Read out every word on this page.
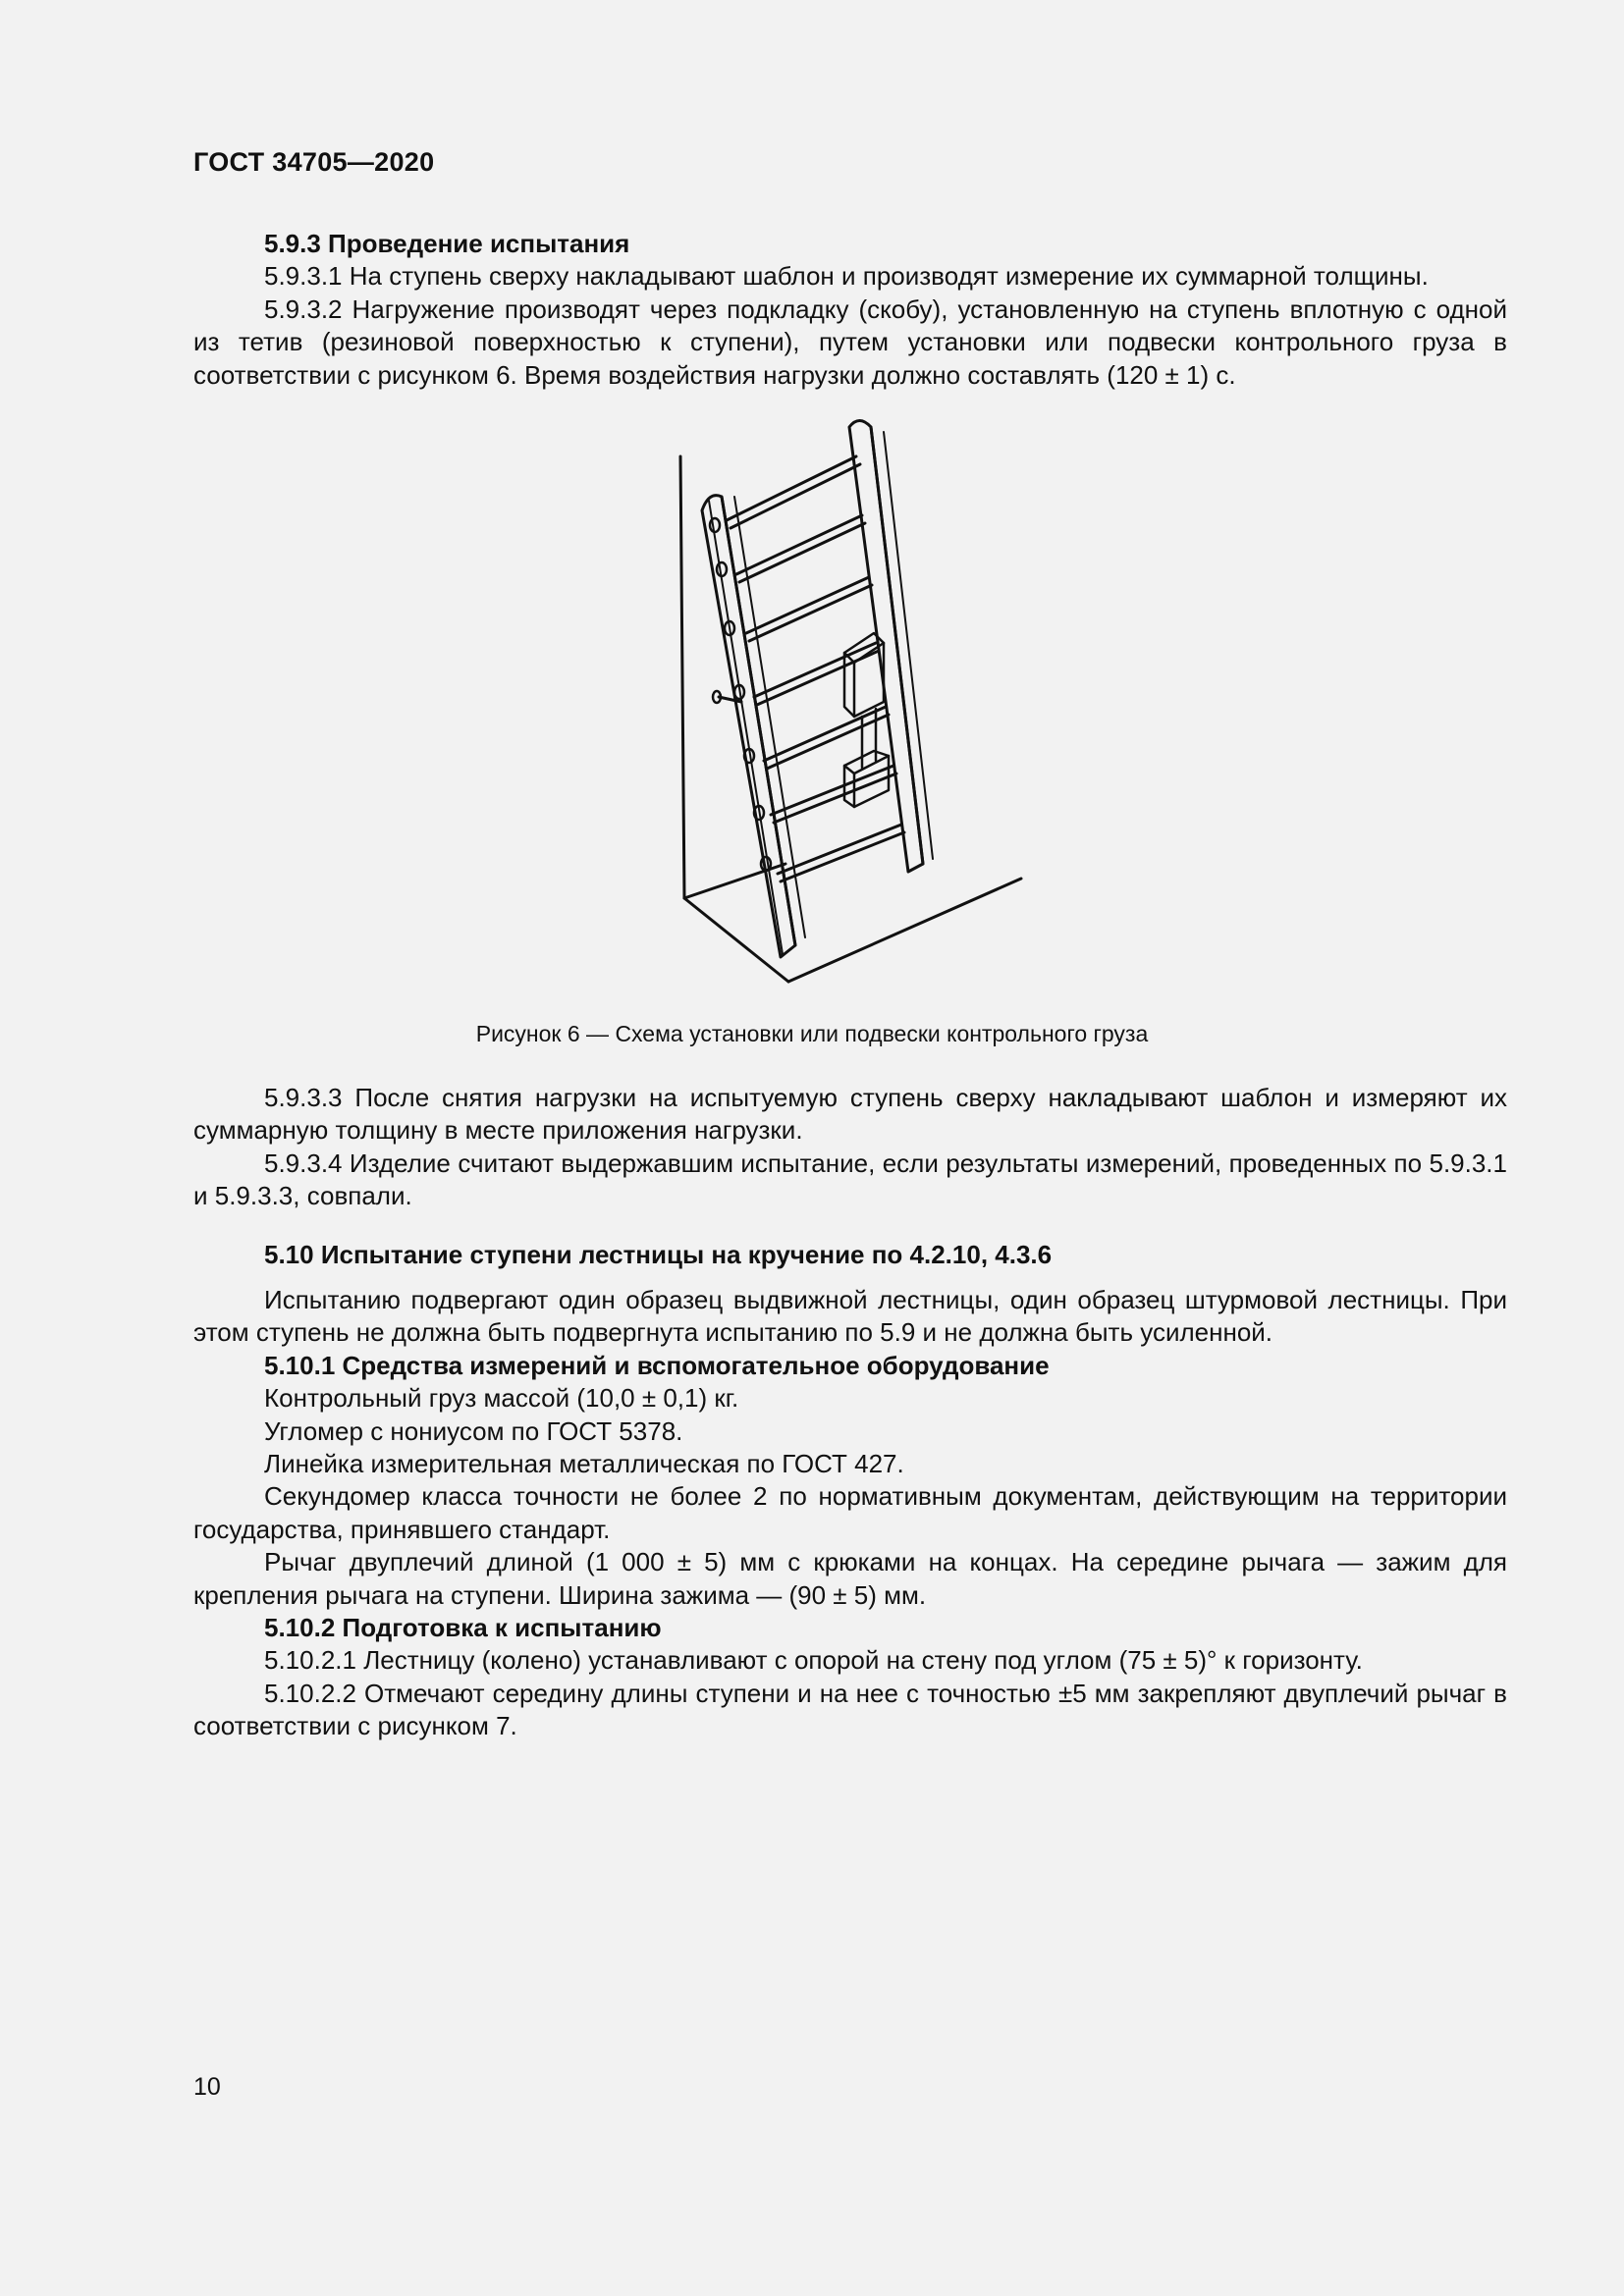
ГОСТ 34705—2020

5.9.3 Проведение испытания

5.9.3.1 На ступень сверху накладывают шаблон и производят измерение их суммарной толщины.

5.9.3.2 Нагружение производят через подкладку (скобу), установленную на ступень вплотную с одной из тетив (резиновой поверхностью к ступени), путем установки или подвески контрольного груза в соответствии с рисунком 6. Время воздействия нагрузки должно составлять (120 ± 1) с.

Рисунок 6 — Схема установки или подвески контрольного груза

5.9.3.3 После снятия нагрузки на испытуемую ступень сверху накладывают шаблон и измеряют их суммарную толщину в месте приложения нагрузки.

5.9.3.4 Изделие считают выдержавшим испытание, если результаты измерений, проведенных по 5.9.3.1 и 5.9.3.3, совпали.

5.10 Испытание ступени лестницы на кручение по 4.2.10, 4.3.6

Испытанию подвергают один образец выдвижной лестницы, один образец штурмовой лестницы. При этом ступень не должна быть подвергнута испытанию по 5.9 и не должна быть усиленной.

5.10.1 Средства измерений и вспомогательное оборудование

Контрольный груз массой (10,0 ± 0,1) кг.

Угломер с нониусом по ГОСТ 5378.

Линейка измерительная металлическая по ГОСТ 427.

Секундомер класса точности не более 2 по нормативным документам, действующим на территории государства, принявшего стандарт.

Рычаг двуплечий длиной (1 000 ± 5) мм с крюками на концах. На середине рычага — зажим для крепления рычага на ступени. Ширина зажима — (90 ± 5) мм.

5.10.2 Подготовка к испытанию

5.10.2.1 Лестницу (колено) устанавливают с опорой на стену под углом (75 ± 5)° к горизонту.

5.10.2.2 Отмечают середину длины ступени и на нее с точностью ±5 мм закрепляют двуплечий рычаг в соответствии с рисунком 7.

10
